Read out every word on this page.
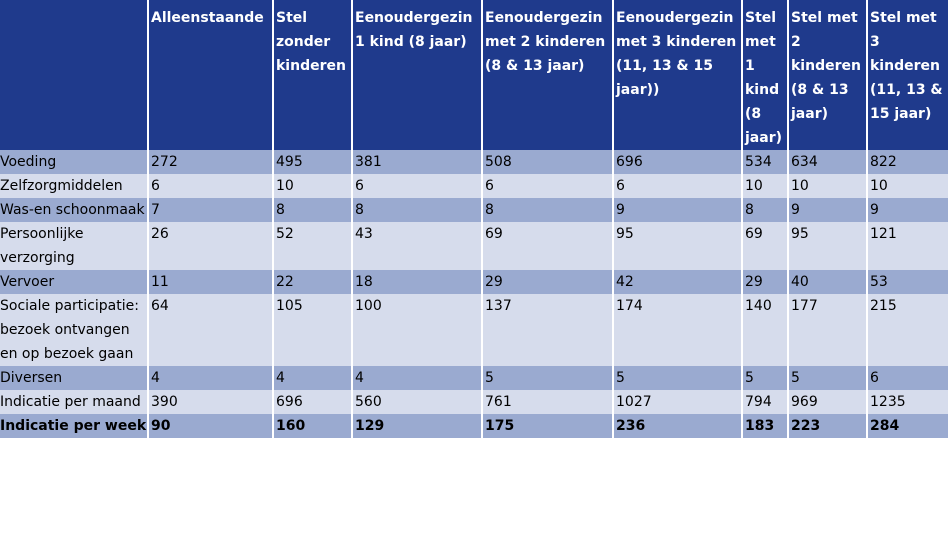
	Alleenstaande	Stel zonder kinderen	Eenoudergezin 1 kind (8 jaar)	Eenoudergezin met 2 kinderen (8 & 13 jaar)	Eenoudergezin met 3 kinderen (11, 13 & 15 jaar))	Stel met 1 kind (8 jaar)	Stel met 2 kinderen (8 & 13 jaar)	Stel met 3 kinderen (11, 13 & 15 jaar)
Voeding	272	495	381	508	696	534	634	822
Zelfzorgmiddelen	6	10	6	6	6	10	10	10
Was-en schoonmaak	7	8	8	8	9	8	9	9
Persoonlijke verzorging	26	52	43	69	95	69	95	121
Vervoer	11	22	18	29	42	29	40	53
Sociale participatie: bezoek ontvangen en op bezoek gaan	64	105	100	137	174	140	177	215
Diversen	4	4	4	5	5	5	5	6
Indicatie per maand	390	696	560	761	1027	794	969	1235
Indicatie per week	90	160	129	175	236	183	223	284
